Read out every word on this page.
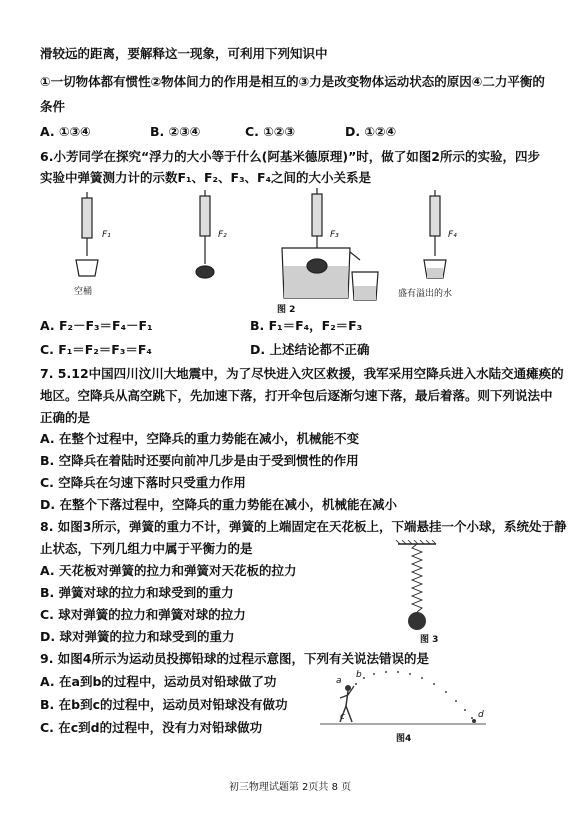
滑较远的距离，要解释这一现象，可利用下列知识中
①一切物体都有惯性②物体间力的作用是相互的③力是改变物体运动状态的原因④二力平衡的
条件
A. ①③④	B. ②③④	C. ①②③	D. ①②④
6.小芳同学在探究“浮力的大小等于什么(阿基米德原理)”时，做了如图2所示的实验，四步
实验中弹簧测力计的示数F₁、F₂、F₃、F₄之间的大小关系是
F₁	F₂	F₃	F₄
空桶	盛有溢出的水
图 2
A. F₂－F₃＝F₄－F₁	B. F₁＝F₄，F₂＝F₃
C. F₁＝F₂＝F₃＝F₄	D. 上述结论都不正确
7. 5.12中国四川汶川大地震中，为了尽快进入灾区救援，我军采用空降兵进入水陆交通瘫痪的
地区。空降兵从高空跳下，先加速下落，打开伞包后逐渐匀速下落，最后着落。则下列说法中
正确的是
A. 在整个过程中，空降兵的重力势能在减小，机械能不变
B. 空降兵在着陆时还要向前冲几步是由于受到惯性的作用
C. 空降兵在匀速下落时只受重力作用
D. 在整个下落过程中，空降兵的重力势能在减小，机械能在减小
8. 如图3所示，弹簧的重力不计，弹簧的上端固定在天花板上，下端悬挂一个小球，系统处于静
止状态，下列几组力中属于平衡力的是
A. 天花板对弹簧的拉力和弹簧对天花板的拉力
B. 弹簧对球的拉力和球受到的重力
C. 球对弹簧的拉力和弹簧对球的拉力
D. 球对弹簧的拉力和球受到的重力	图 3
9. 如图4所示为运动员投掷铅球的过程示意图，下列有关说法错误的是
A. 在a到b的过程中，运动员对铅球做了功
B. 在b到c的过程中，运动员对铅球没有做功
C. 在c到d的过程中，没有力对铅球做功
a
b
c	d
图4
初三物理试题第 2页共 8 页
